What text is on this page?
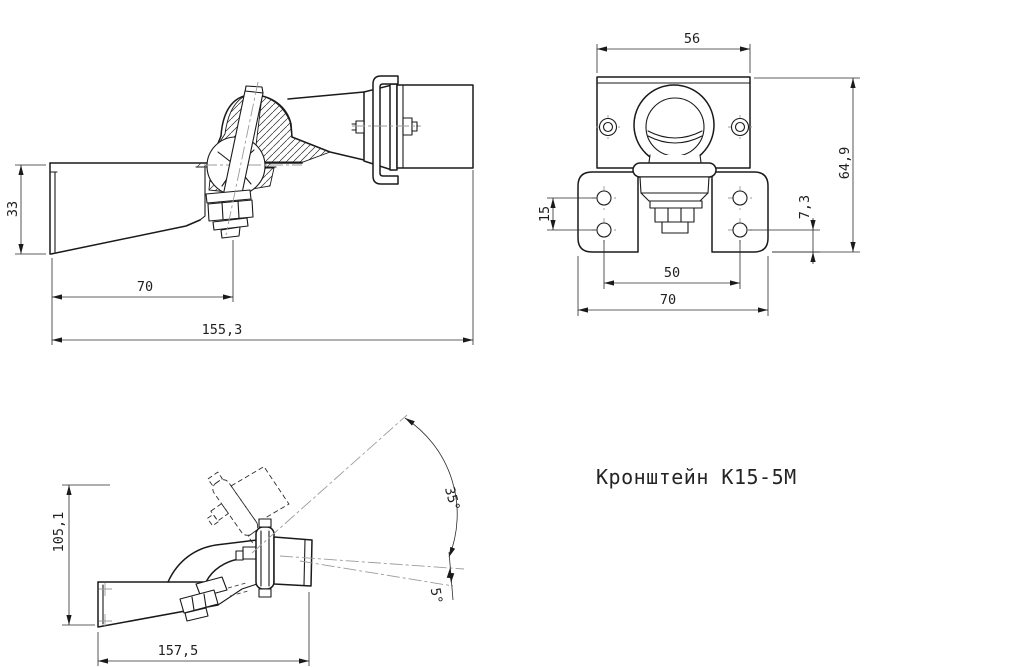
33
70
155,3
56
64,9
15	7,3
50
70
35°
5°
105,1
157,5
Кронштейн К15-5М
